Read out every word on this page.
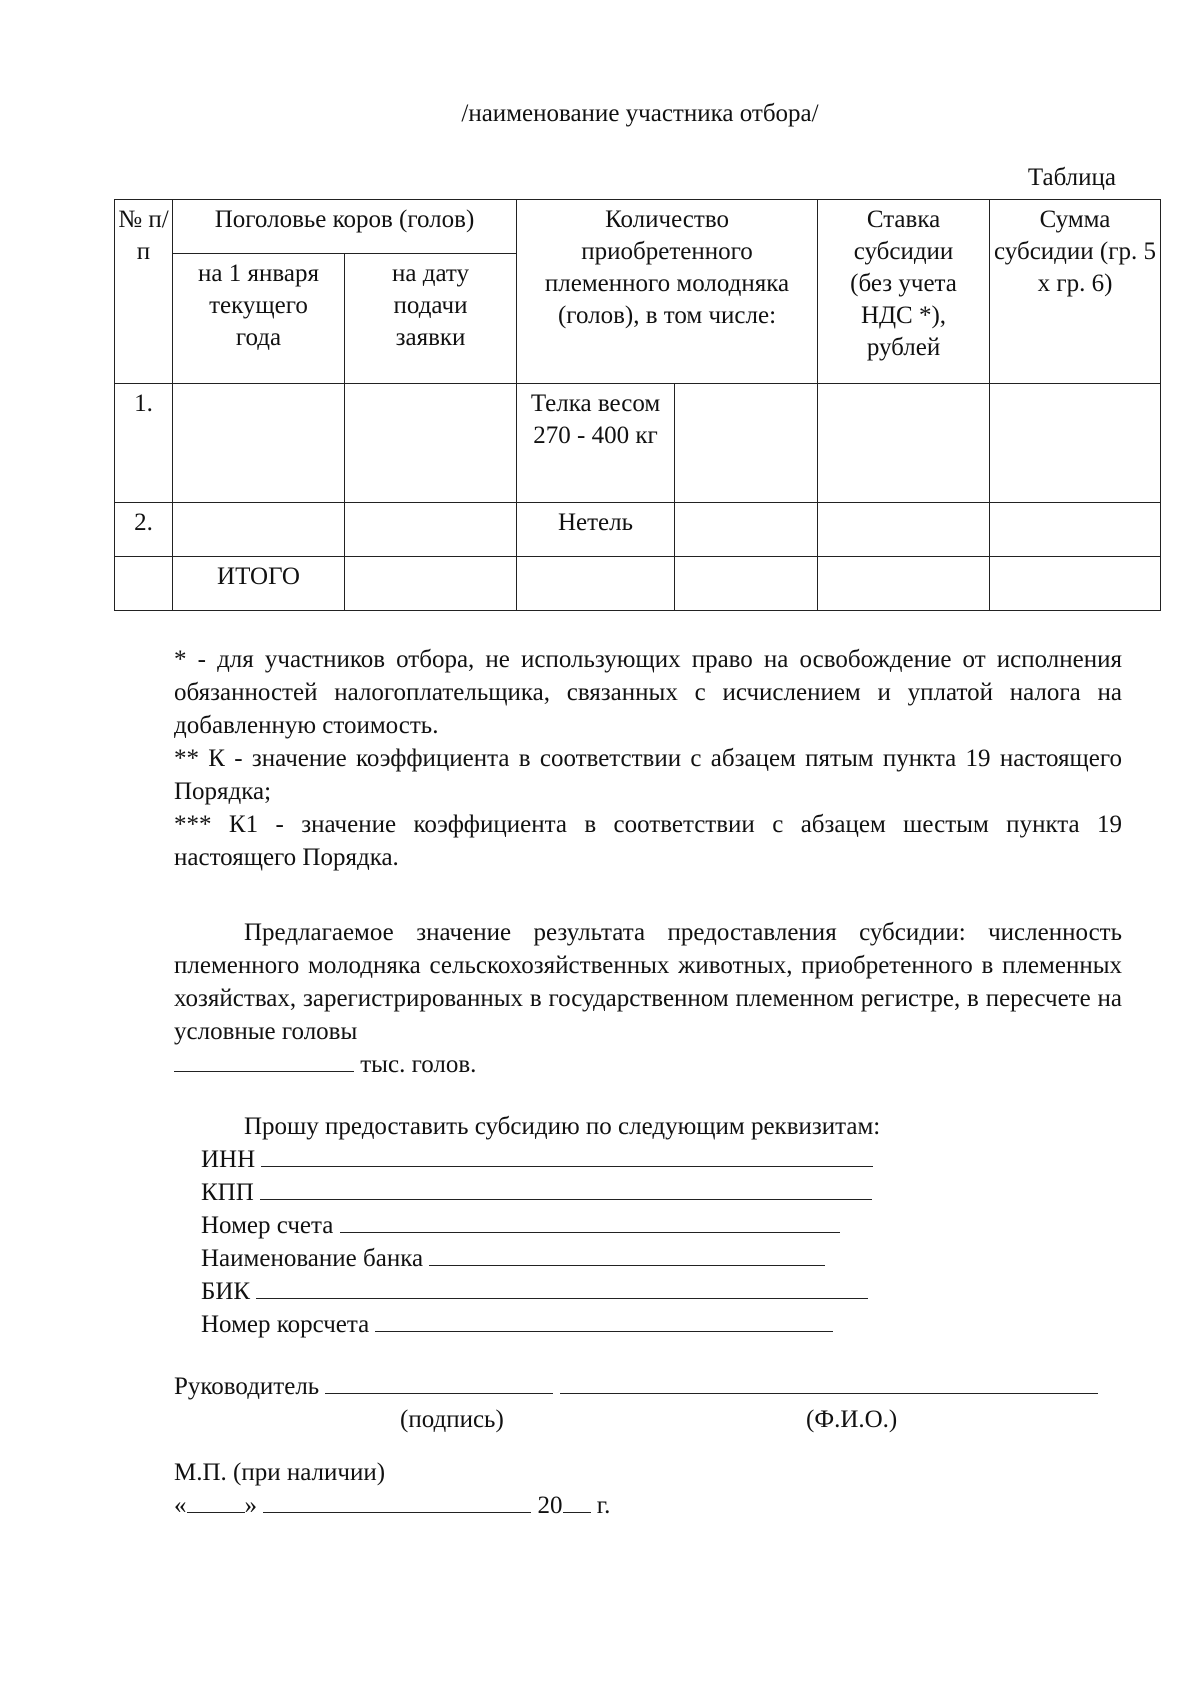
/наименование участника отбора/
Таблица
№ п/п	Поголовье коров (голов)		Количество приобретенного племенного молодняка (голов), в том числе:		Ставка субсидии (без учета НДС *), рублей	Сумма субсидии (гр. 5 х гр. 6)
	на 1 января текущего года	на дату подачи заявки				
1.			Телка весом 270 - 400 кг			
2.			Нетель			
	ИТОГО					

* - для участников отбора, не использующих право на освобождение от исполнения обязанностей налогоплательщика, связанных с исчислением и уплатой налога на добавленную стоимость.

** К - значение коэффициента в соответствии с абзацем пятым пункта 19 настоящего Порядка;

*** К1 - значение коэффициента в соответствии с абзацем шестым пункта 19 настоящего Порядка.

Предлагаемое значение результата предоставления субсидии: численность племенного молодняка сельскохозяйственных животных, приобретенного в племенных хозяйствах, зарегистрированных в государственном племенном регистре, в пересчете на условные головы

тыс. голов.
Прошу предоставить субсидию по следующим реквизитам:
ИНН
КПП
Номер счета
Наименование банка
БИК
Номер корсчета
Руководитель
(подпись)	(Ф.И.О.)
М.П. (при наличии)
« »	20 г.
